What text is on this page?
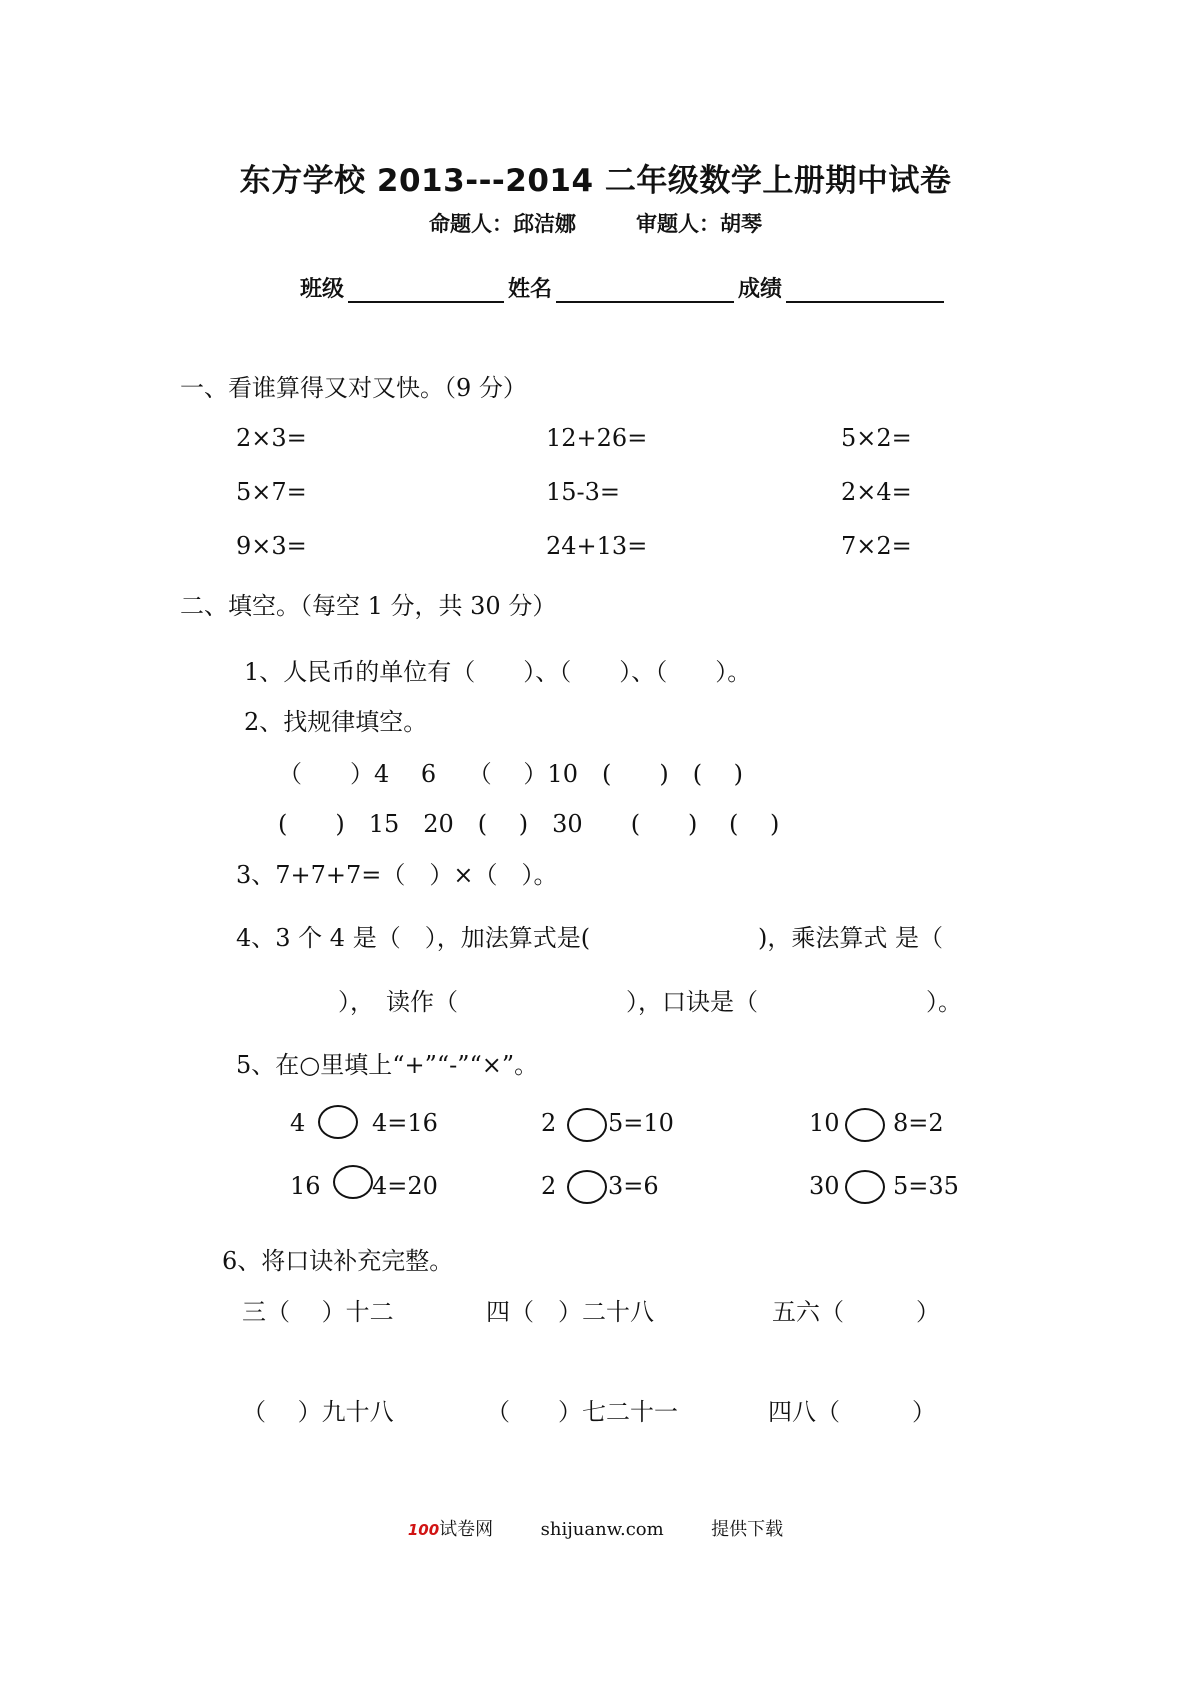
东方学校 2013---2014 二年级数学上册期中试卷
命题人：邱洁娜	审题人：胡琴
班级	姓名	成绩
一、看谁算得又对又快。（9 分）
2×3=	12+26=	5×2=
5×7=	15-3=	2×4=
9×3=	24+13=	7×2=
二、填空。（每空 1 分，共 30 分）
1、人民币的单位有（　　）、（　　）、（　　）。
2、找规律填空。
（　　）4　 6　 （　 ）10　(　　)　(　 )
(　　)　15　20　(　 )　30　　(　　)　 (　 )
3、7+7+7=（　）×（　）。
4、3 个 4 是（　），加法算式是(　　　　　　　)，乘法算式 是（
），　读作（　　　　　　　），口诀是（　　　　　　　）。
5、在○里填上“+”“-”“×”。
4	4=16	2 5=10	10 8=2
16 4=20	2 3=6	30 5=35
6、将口诀补充完整。
三（　 ）十二	四（　）二十八	五六（　　　）
（　 ）九十八	（　　）七二十一	四八（　　　）
100试卷网	shijuanw.com	提供下载
